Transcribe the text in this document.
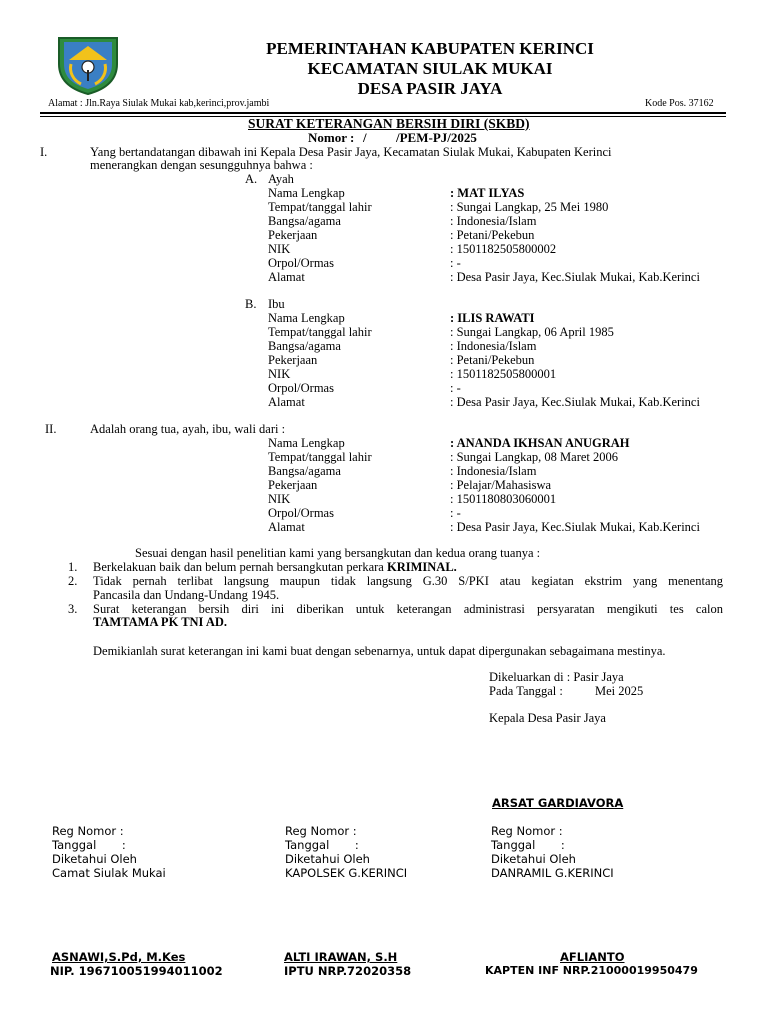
PEMERINTAHAN KABUPATEN KERINCI
KECAMATAN SIULAK MUKAI
DESA PASIR JAYA
Alamat : Jln.Raya Siulak Mukai kab,kerinci,prov.jambi	Kode Pos. 37162
SURAT KETERANGAN BERSIH DIRI (SKBD)
Nomor : / /PEM-PJ/2025
I.	Yang bertandatangan dibawah ini Kepala Desa Pasir Jaya, Kecamatan Siulak Mukai, Kabupaten Kerinci
menerangkan dengan sesungguhnya bahwa :
A. Ayah
Nama Lengkap	: MAT ILYAS
Tempat/tanggal lahir	: Sungai Langkap, 25 Mei 1980
Bangsa/agama	: Indonesia/Islam
Pekerjaan	: Petani/Pekebun
NIK	: 1501182505800002
Orpol/Ormas	: -
Alamat	: Desa Pasir Jaya, Kec.Siulak Mukai, Kab.Kerinci
B. Ibu
Nama Lengkap	: ILIS RAWATI
Tempat/tanggal lahir	: Sungai Langkap, 06 April 1985
Bangsa/agama	: Indonesia/Islam
Pekerjaan	: Petani/Pekebun
NIK	: 1501182505800001
Orpol/Ormas	: -
Alamat	: Desa Pasir Jaya, Kec.Siulak Mukai, Kab.Kerinci
II.	Adalah orang tua, ayah, ibu, wali dari :
Nama Lengkap	: ANANDA IKHSAN ANUGRAH
Tempat/tanggal lahir	: Sungai Langkap, 08 Maret 2006
Bangsa/agama	: Indonesia/Islam
Pekerjaan	: Pelajar/Mahasiswa
NIK	: 1501180803060001
Orpol/Ormas	: -
Alamat	: Desa Pasir Jaya, Kec.Siulak Mukai, Kab.Kerinci
Sesuai dengan hasil penelitian kami yang bersangkutan dan kedua orang tuanya :
1. Berkelakuan baik dan belum pernah bersangkutan perkara KRIMINAL.
2. Tidak pernah terlibat langsung maupun tidak langsung G.30 S/PKI atau kegiatan ekstrim yang menentang
Pancasila dan Undang-Undang 1945.
3. Surat keterangan bersih diri ini diberikan untuk keterangan administrasi persyaratan mengikuti tes calon
TAMTAMA PK TNI AD.
Demikianlah surat keterangan ini kami buat dengan sebenarnya, untuk dapat dipergunakan sebagaimana mestinya.
Dikeluarkan di : Pasir Jaya
Pada Tanggal :	Mei 2025
Kepala Desa Pasir Jaya
ARSAT GARDIAVORA
Reg Nomor :
Tanggal       :
Diketahui Oleh
Camat Siulak Mukai
ASNAWI,S.Pd, M.Kes
NIP. 196710051994011002
Reg Nomor :
Tanggal       :
Diketahui Oleh
KAPOLSEK G.KERINCI
ALTI IRAWAN, S.H
IPTU NRP.72020358
Reg Nomor :
Tanggal       :
Diketahui Oleh
DANRAMIL G.KERINCI
AFLIANTO
KAPTEN INF NRP.21000019950479
